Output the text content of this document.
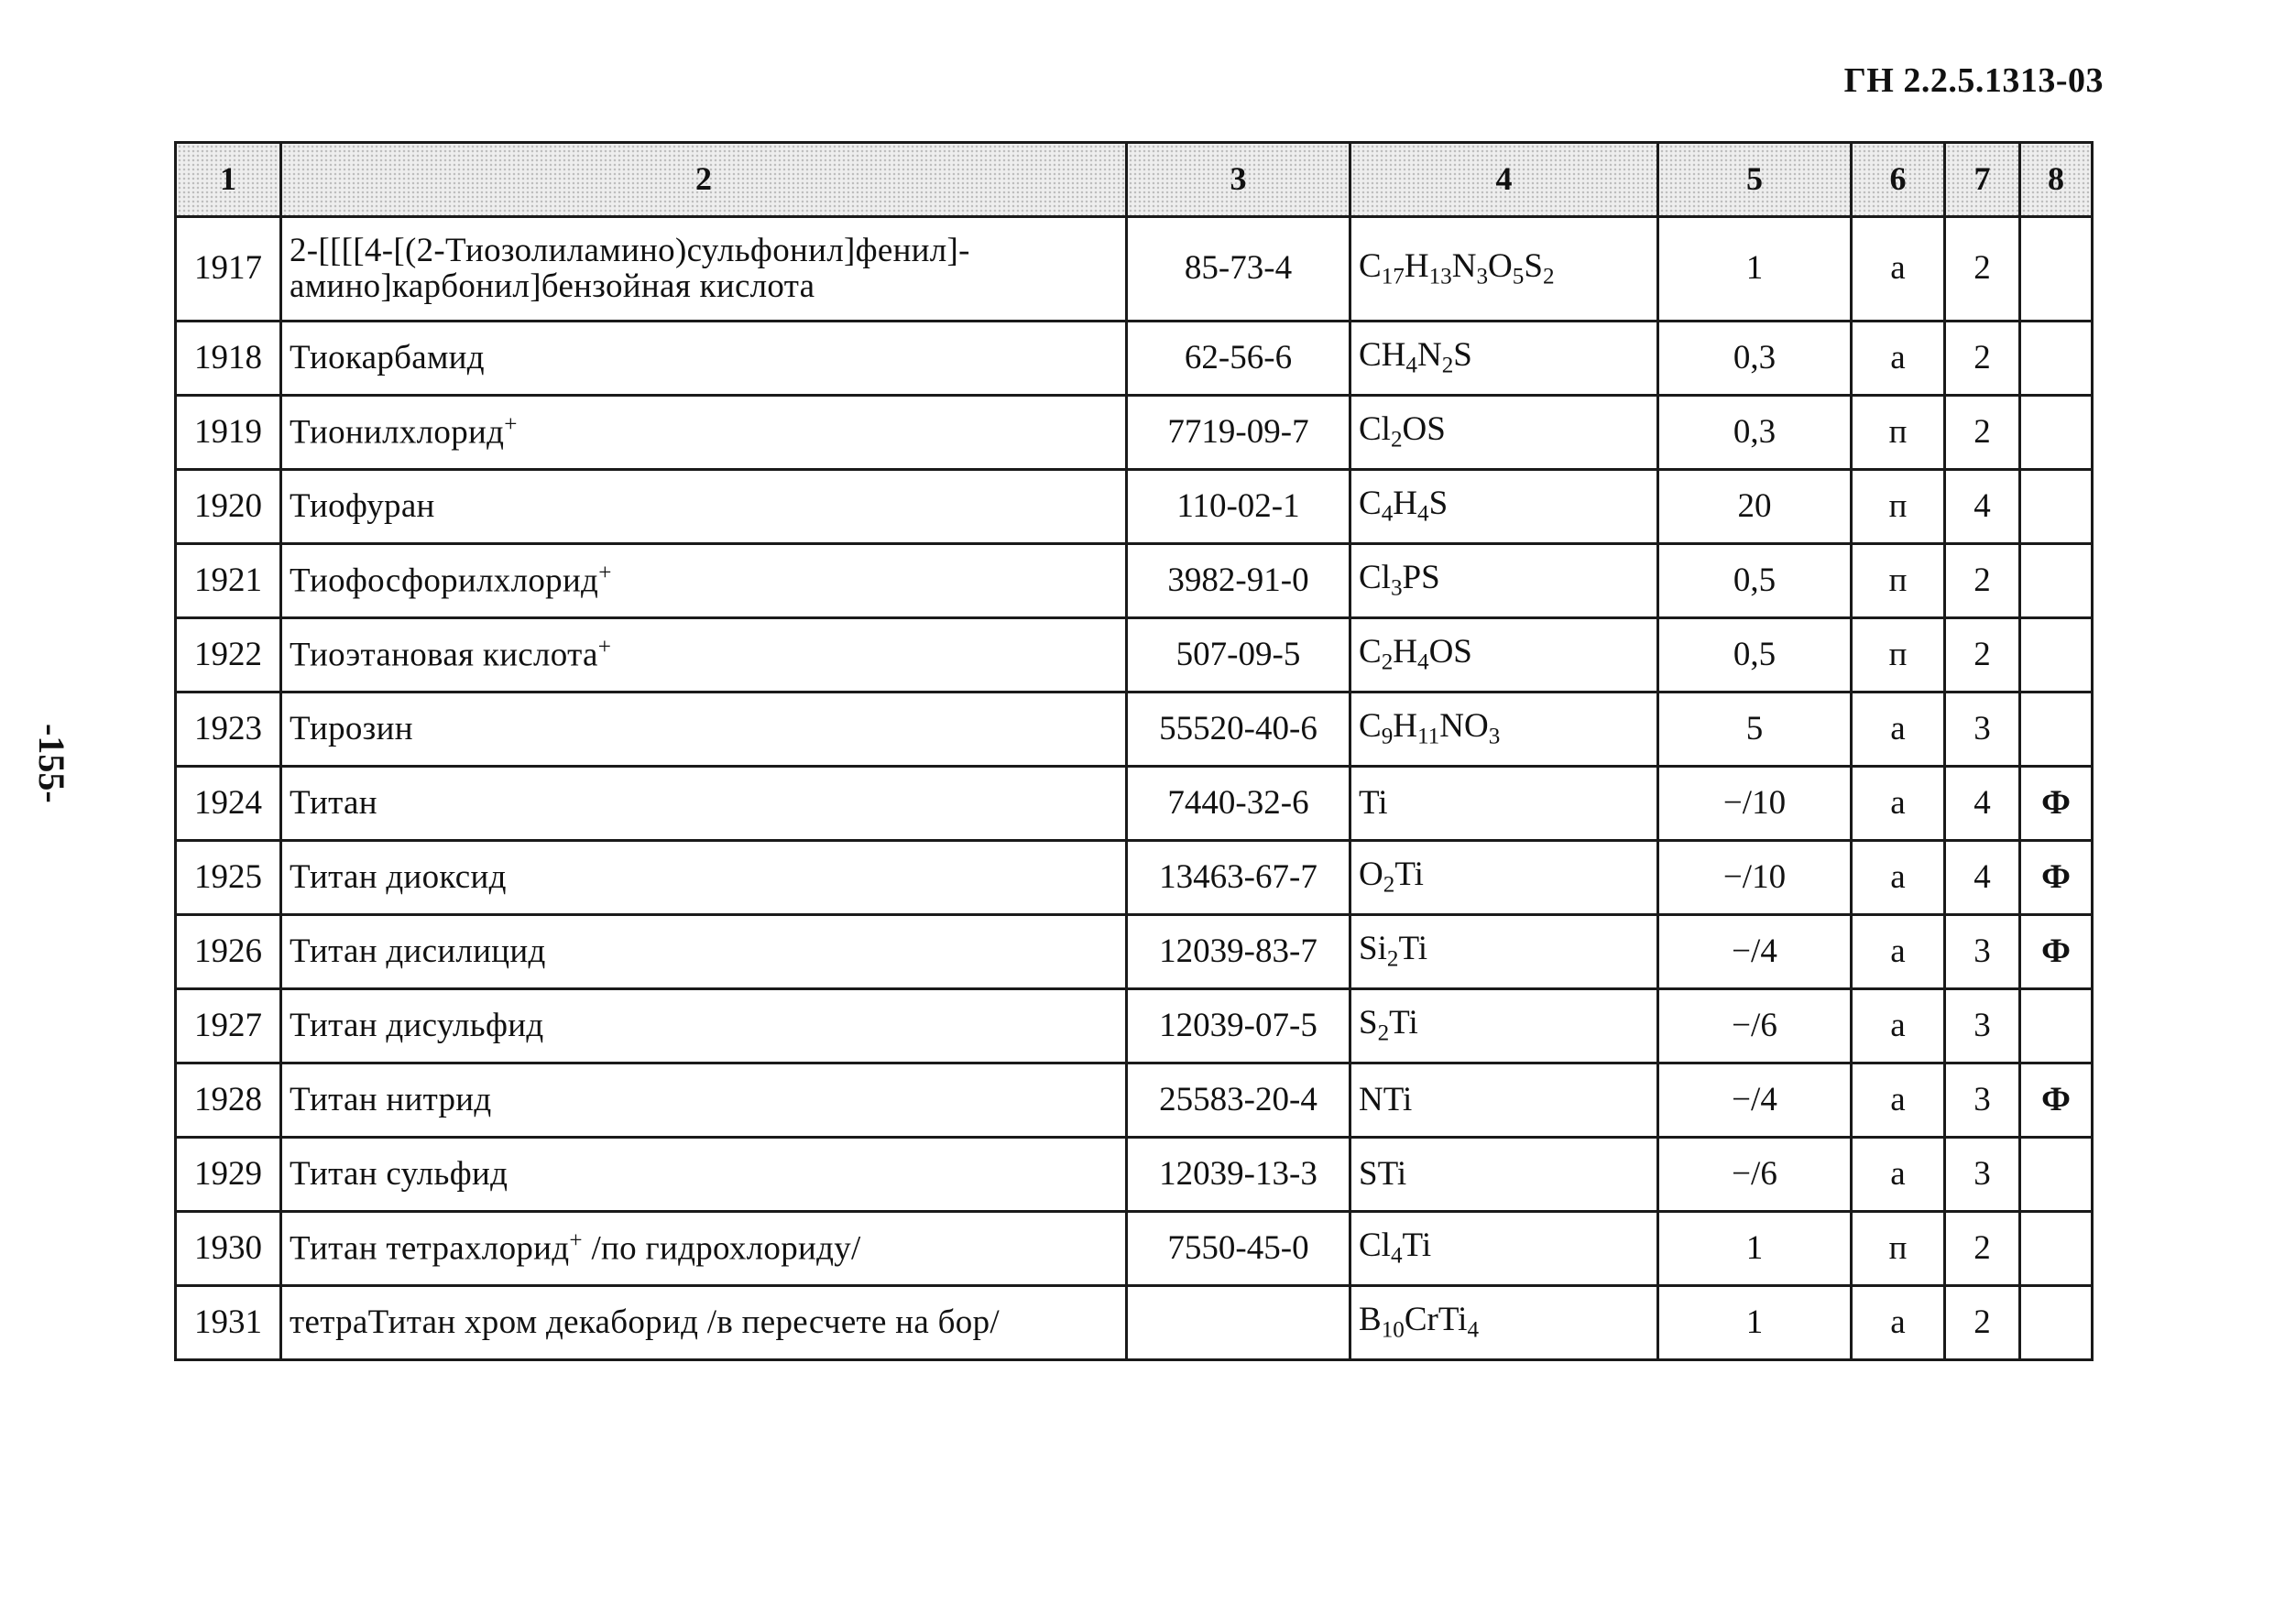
ГН 2.2.5.1313-03
-155-
1	2	3	4	5	6	7	8
1917	2-[[[[4-[(2-Тиозолиламино)сульфонил]фенил]-амино]карбонил]бензойная кислота	85-73-4	$C_{17}H_{13}N_3O_5S_2$	1	а	2	
1918	Тиокарбамид	62-56-6	$CH_4N_2S$	0,3	а	2	
1919	Тионилхлорид+	7719-09-7	$Cl_2OS$	0,3	п	2	
1920	Тиофуран	110-02-1	$C_4H_4S$	20	п	4	
1921	Тиофосфорилхлорид+	3982-91-0	$Cl_3PS$	0,5	п	2	
1922	Тиоэтановая кислота+	507-09-5	$C_2H_4OS$	0,5	п	2	
1923	Тирозин	55520-40-6	$C_9H_{11}NO_3$	5	а	3	
1924	Титан	7440-32-6	Ti	−/10	а	4	Ф
1925	Титан диоксид	13463-67-7	$O_2Ti$	−/10	а	4	Ф
1926	Титан дисилицид	12039-83-7	$Si_2Ti$	−/4	а	3	Ф
1927	Титан дисульфид	12039-07-5	$S_2Ti$	−/6	а	3	
1928	Титан нитрид	25583-20-4	NTi	−/4	а	3	Ф
1929	Титан сульфид	12039-13-3	STi	−/6	а	3	
1930	Титан тетрахлорид+ /по гидрохлориду/	7550-45-0	$Cl_4Ti$	1	п	2	
1931	тетраТитан хром декаборид /в пересчете на бор/		$B_{10}CrTi_4$	1	а	2	
